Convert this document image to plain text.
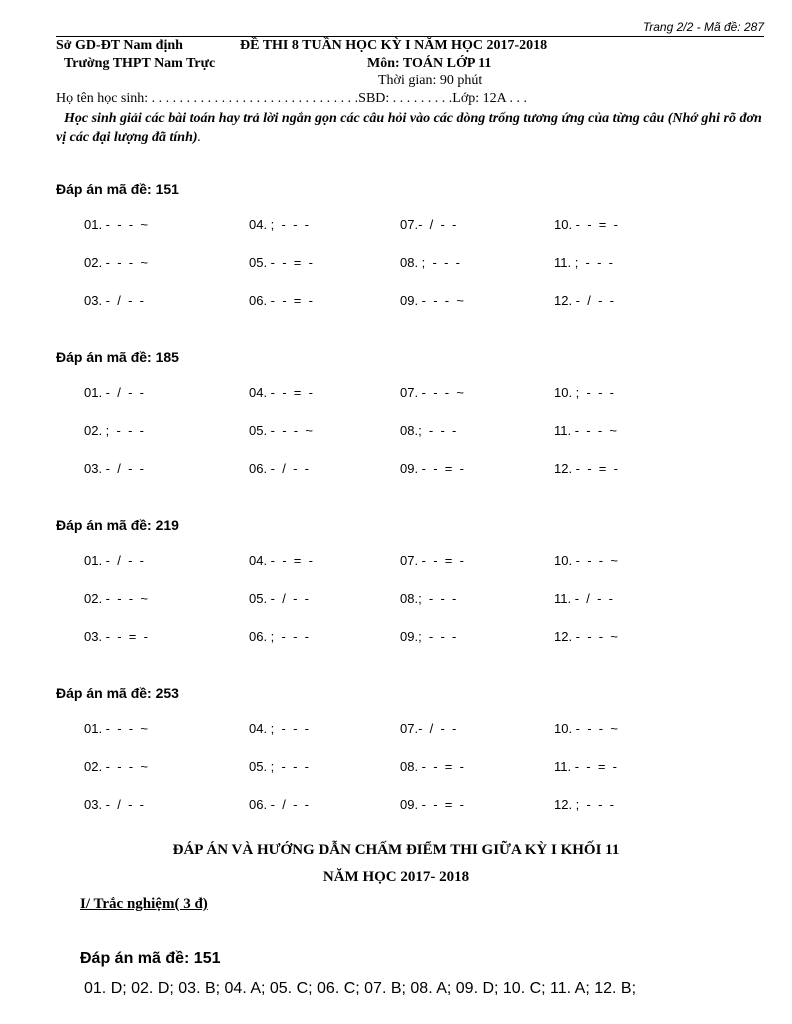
Trang 2/2 - Mã đề: 287
Sở GD-ĐT Nam định	ĐỀ THI 8 TUẦN HỌC KỲ I NĂM HỌC 2017-2018
Trường THPT Nam Trực	Môn: TOÁN LỚP 11
Thời gian: 90 phút
Họ tên học sinh: . . . . . . . . . . . . . . . . . . . . . . . . . . . . . .SBD: . . . . . . . . .Lớp: 12A . . .
Học sinh giải các bài toán hay trả lời ngắn gọn các câu hỏi vào các dòng trống tương ứng của từng câu (Nhớ ghi rõ đơn vị các đại lượng đã tính).
Đáp án mã đề: 151
01. -  -  -  ~	04. ;  -  -  -	07.-  /  -  -	10. -  -  =  -
02. -  -  -  ~	05. -  -  =  -	08. ;  -  -  -	11. ;  -  -  -
03. -  /  -  -	06. -  -  =  -	09. -  -  -  ~	12. -  /  -  -
Đáp án mã đề: 185
01. -  /  -  -	04. -  -  =  -	07. -  -  -  ~	10. ;  -  -  -
02. ;  -  -  -	05. -  -  -  ~	08.;  -  -  -	11. -  -  -  ~
03. -  /  -  -	06. -  /  -  -	09. -  -  =  -	12. -  -  =  -
Đáp án mã đề: 219
01. -  /  -  -	04. -  -  =  -	07. -  -  =  -	10. -  -  -  ~
02. -  -  -  ~	05. -  /  -  -	08.;  -  -  -	11. -  /  -  -
03. -  -  =  -	06. ;  -  -  -	09.;  -  -  -	12. -  -  -  ~
Đáp án mã đề: 253
01. -  -  -  ~	04. ;  -  -  -	07.-  /  -  -	10. -  -  -  ~
02. -  -  -  ~	05. ;  -  -  -	08. -  -  =  -	11. -  -  =  -
03. -  /  -  -	06. -  /  -  -	09. -  -  =  -	12. ;  -  -  -
ĐÁP ÁN VÀ HƯỚNG DẪN CHẤM ĐIỂM THI GIỮA KỲ I KHỐI 11
NĂM HỌC 2017- 2018
I/ Trắc nghiệm( 3 đ)
Đáp án mã đề: 151
01. D; 02. D; 03. B; 04. A; 05. C; 06. C; 07. B; 08. A; 09. D; 10. C; 11. A; 12. B;
